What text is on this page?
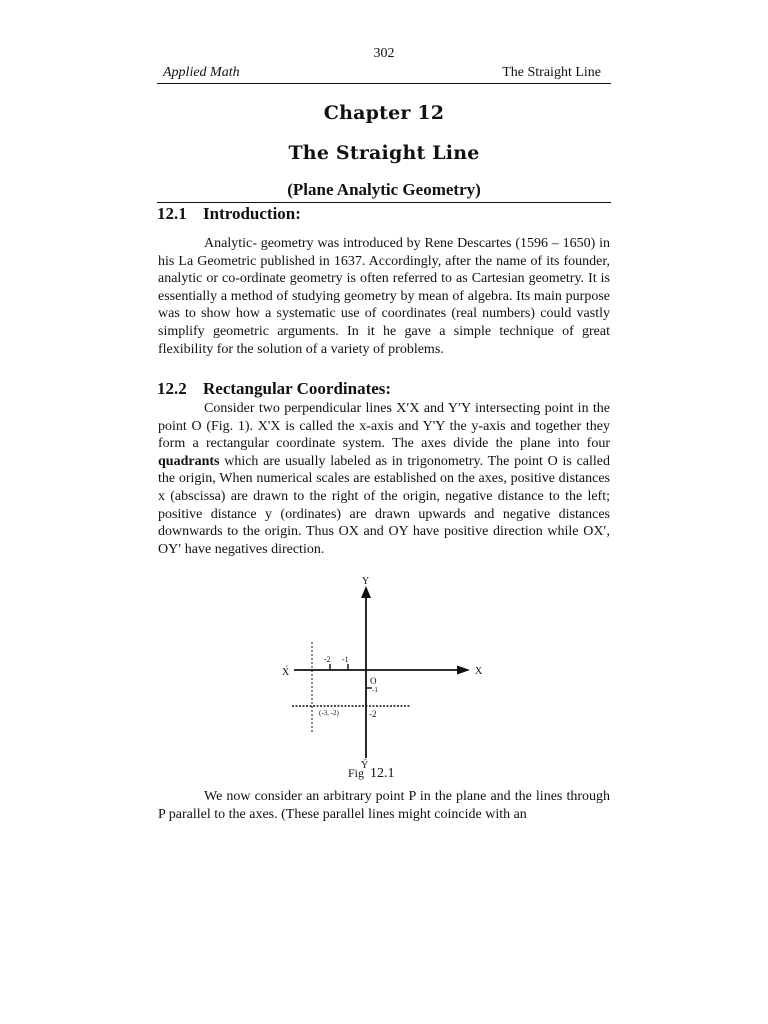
302
Applied Math	The Straight Line
Chapter 12
The Straight Line
(Plane Analytic Geometry)
12.1 Introduction:

Analytic- geometry was introduced by Rene Descartes (1596 – 1650) in his La Geometric published in 1637. Accordingly, after the name of its founder, analytic or co-ordinate geometry is often referred to as Cartesian geometry. It is essentially a method of studying geometry by mean of algebra. Its main purpose was to show how a systematic use of coordinates (real numbers) could vastly simplify geometric arguments. In it he gave a simple technique of great flexibility for the solution of a variety of problems.

12.2 Rectangular Coordinates:

Consider two perpendicular lines X′X and Y′Y intersecting point in the point O (Fig. 1). X'X is called the x-axis and Y'Y the y-axis and together they form a rectangular coordinate system. The axes divide the plane into four quadrants which are usually labeled as in trigonometry. The point O is called the origin, When numerical scales are established on the axes, positive distances x (abscissa) are drawn to the right of the origin, negative distance to the left; positive distance y (ordinates) are drawn upwards and negative distances downwards to the origin. Thus OX and OY have positive direction while OX′, OY′ have negatives direction.

Y
Ý
X
X́
O
-2 -1
-1
-2
(-3, -2)
Fig 12.1

We now consider an arbitrary point P in the plane and the lines through P parallel to the axes. (These parallel lines might coincide with an
